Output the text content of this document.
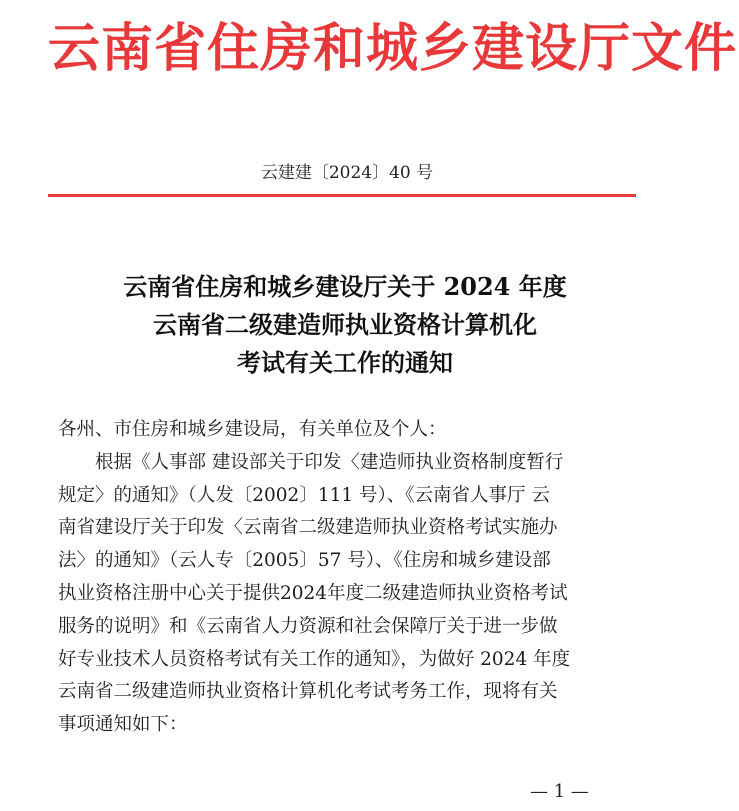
云南省住房和城乡建设厅文件
云建建〔2024〕40 号
云南省住房和城乡建设厅关于 2024 年度
云南省二级建造师执业资格计算机化
考试有关工作的通知
各州、市住房和城乡建设局，有关单位及个人：
根据《人事部 建设部关于印发〈建造师执业资格制度暂行
规定〉的通知》（人发〔2002〕111 号）、《云南省人事厅 云
南省建设厅关于印发〈云南省二级建造师执业资格考试实施办
法〉的通知》（云人专〔2005〕57 号）、《住房和城乡建设部
执业资格注册中心关于提供2024年度二级建造师执业资格考试
服务的说明》和《云南省人力资源和社会保障厅关于进一步做
好专业技术人员资格考试有关工作的通知》，为做好 2024 年度
云南省二级建造师执业资格计算机化考试考务工作，现将有关
事项通知如下：
— 1 —
